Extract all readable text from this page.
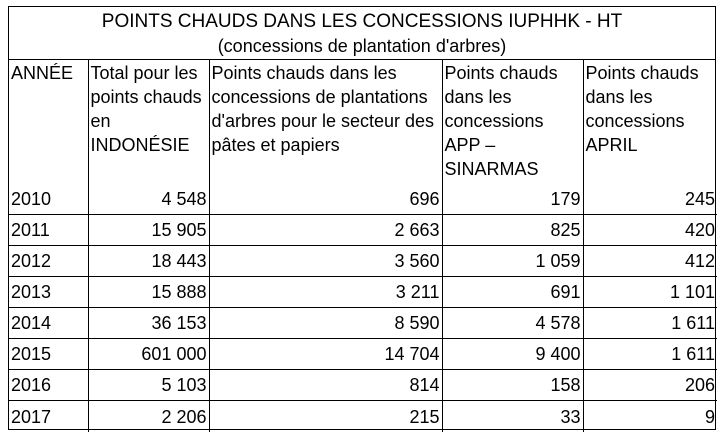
POINTS CHAUDS DANS LES CONCESSIONS IUPHHK - HT
(concessions de plantation d'arbres)
ANNÉE	Total pour les points chauds en INDONÉSIE	Points chauds dans les concessions de plantations d'arbres pour le secteur des pâtes et papiers	Points chauds dans les concessions APP – SINARMAS	Points chauds dans les concessions APRIL
2010	4 548	696	179	245
2011	15 905	2 663	825	420
2012	18 443	3 560	1 059	412
2013	15 888	3 211	691	1 101
2014	36 153	8 590	4 578	1 611
2015	601 000	14 704	9 400	1 611
2016	5 103	814	158	206
2017	2 206	215	33	9
